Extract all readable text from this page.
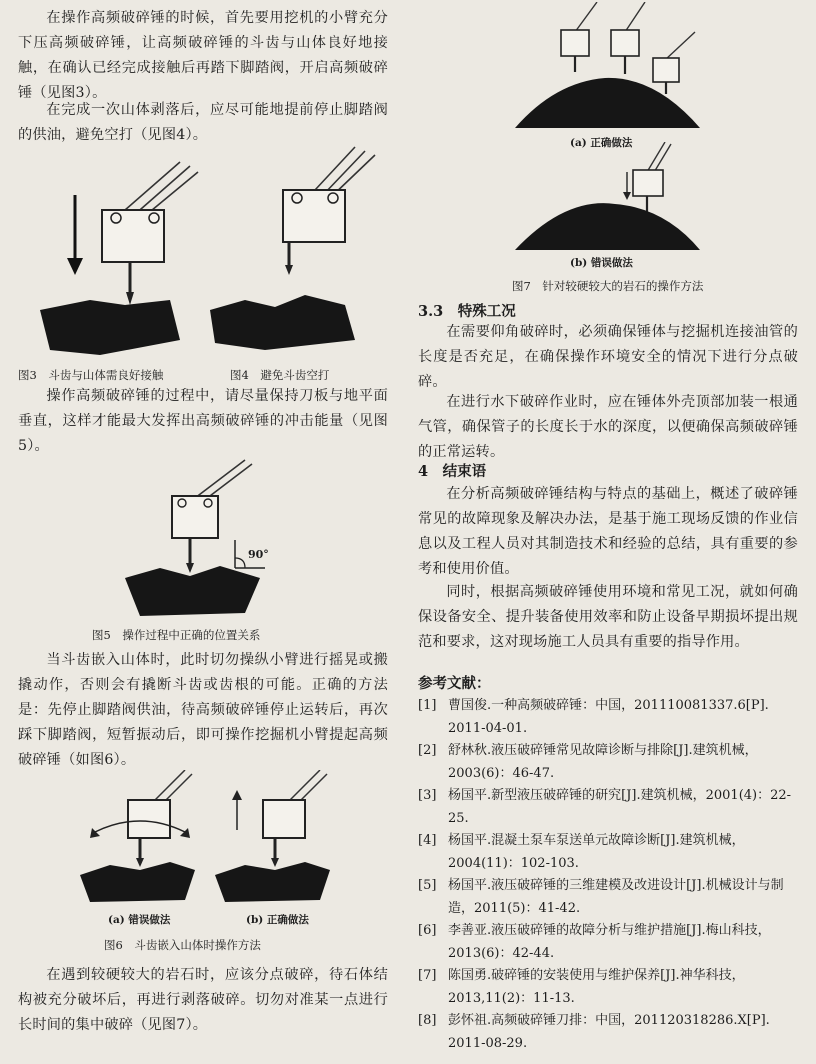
在操作高频破碎锤的时候，首先要用挖机的小臂充分下压高频破碎锤，让高频破碎锤的斗齿与山体良好地接触，在确认已经完成接触后再踏下脚踏阀，开启高频破碎锤（见图3）。

在完成一次山体剥落后，应尽可能地提前停止脚踏阀的供油，避免空打（见图4）。

图3　斗齿与山体需良好接触	图4　避免斗齿空打

操作高频破碎锤的过程中，请尽量保持刀板与地平面垂直，这样才能最大发挥出高频破碎锤的冲击能量（见图5）。

90°
图5　操作过程中正确的位置关系

当斗齿嵌入山体时，此时切勿操纵小臂进行摇晃或搬撬动作，否则会有撬断斗齿或齿根的可能。正确的方法是：先停止脚踏阀供油，待高频破碎锤停止运转后，再次踩下脚踏阀，短暂振动后，即可操作挖掘机小臂提起高频破碎锤（如图6）。

(a) 错误做法	(b) 正确做法
图6　斗齿嵌入山体时操作方法

在遇到较硬较大的岩石时，应该分点破碎，待石体结构被充分破坏后，再进行剥落破碎。切勿对准某一点进行长时间的集中破碎（见图7）。

(a) 正确做法
(b) 错误做法
图7　针对较硬较大的岩石的操作方法
3.3　特殊工况

在需要仰角破碎时，必须确保锤体与挖掘机连接油管的长度是否充足，在确保操作环境安全的情况下进行分点破碎。

在进行水下破碎作业时，应在锤体外壳顶部加装一根通气管，确保管子的长度长于水的深度，以便确保高频破碎锤的正常运转。

4　结束语

在分析高频破碎锤结构与特点的基础上，概述了破碎锤常见的故障现象及解决办法，是基于施工现场反馈的作业信息以及工程人员对其制造技术和经验的总结，具有重要的参考和使用价值。

同时，根据高频破碎锤使用环境和常见工况，就如何确保设备安全、提升装备使用效率和防止设备早期损坏提出规范和要求，这对现场施工人员具有重要的指导作用。

参考文献：
[1] 曹国俊.一种高频破碎锤：中国，201110081337.6[P]. 2011-04-01.
[2] 舒林秋.液压破碎锤常见故障诊断与排除[J].建筑机械，2003(6)：46-47.
[3] 杨国平.新型液压破碎锤的研究[J].建筑机械，2001(4)：22-25.
[4] 杨国平.混凝土泵车泵送单元故障诊断[J].建筑机械，2004(11)：102-103.
[5] 杨国平.液压破碎锤的三维建模及改进设计[J].机械设计与制造，2011(5)：41-42.
[6] 李善亚.液压破碎锤的故障分析与维护措施[J].梅山科技，2013(6)：42-44.
[7] 陈国勇.破碎锤的安装使用与维护保养[J].神华科技，2013,11(2)：11-13.
[8] 彭怀祖.高频破碎锤刀排：中国，201120318286.X[P]. 2011-08-29.
